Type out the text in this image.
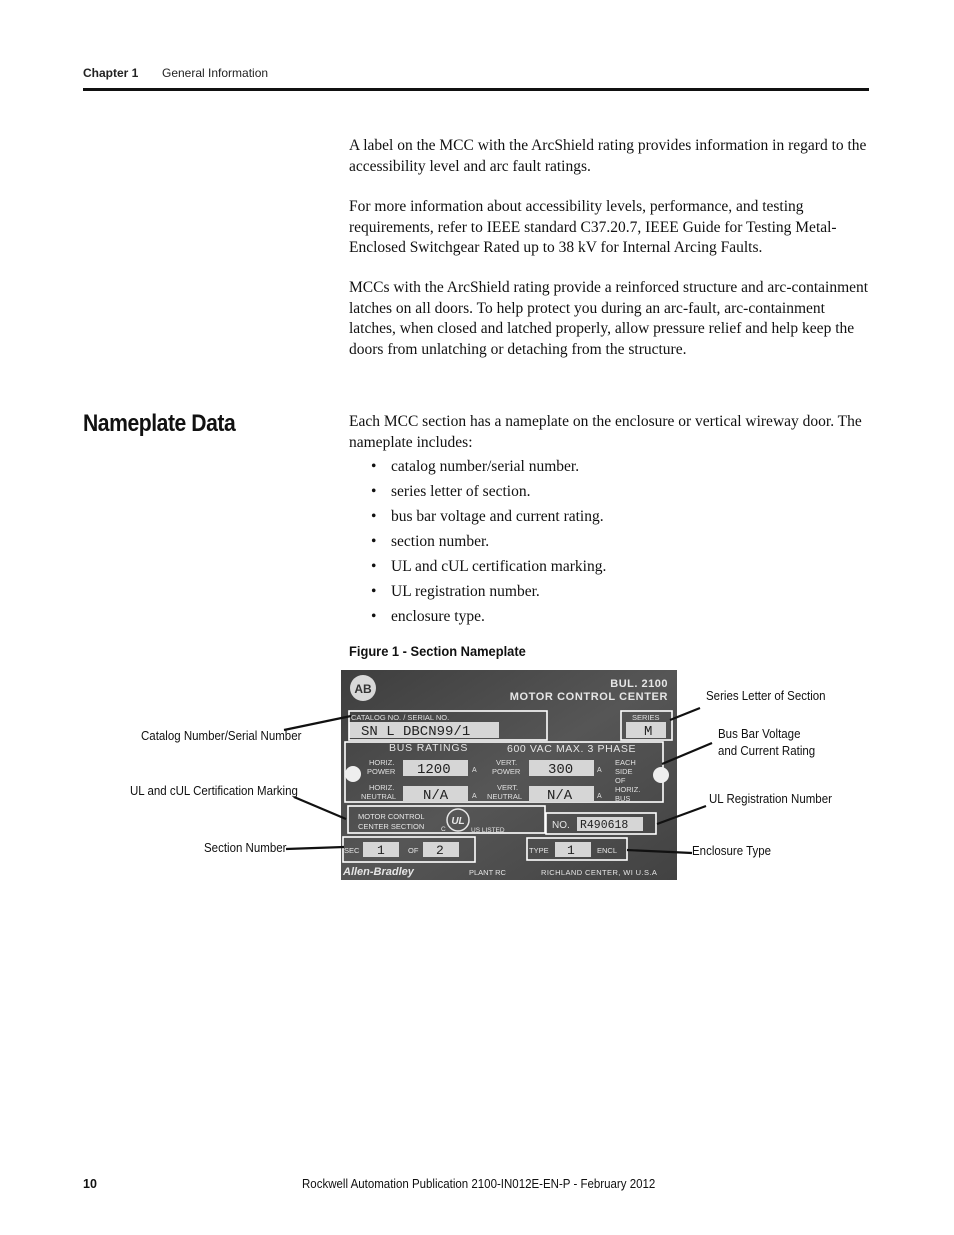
Chapter 1 General Information

A label on the MCC with the ArcShield rating provides information in regard to the accessibility level and arc fault ratings.

For more information about accessibility levels, performance, and testing requirements, refer to IEEE standard C37.20.7, IEEE Guide for Testing Metal-Enclosed Switchgear Rated up to 38 kV for Internal Arcing Faults.

MCCs with the ArcShield rating provide a reinforced structure and arc-containment latches on all doors. To help protect you during an arc-fault, arc-containment latches, when closed and latched properly, allow pressure relief and help keep the doors from unlatching or detaching from the structure.

Nameplate Data	Each MCC section has a nameplate on the enclosure or vertical wireway door. The nameplate includes:

• catalog number/serial number.
• series letter of section.
• bus bar voltage and current rating.
• section number.
• UL and cUL certification marking.
• UL registration number.
• enclosure type.
Figure 1 - Section Nameplate
AB	BUL. 2100
MOTOR CONTROL CENTER
CATALOG NO. / SERIAL NO.
SN L DBCN99/1
SERIES
M
BUS RATINGS	600 VAC MAX. 3 PHASE
HORIZ.
POWER 1200	A
VERT.
POWER 300	A
EACH
SIDE
OF
HORIZ.
BUS
HORIZ.
NEUTRAL N/A	A
VERT.
NEUTRAL N/A	A
MOTOR CONTROL
CENTER SECTION	UL
C	US LISTED	NO. R490618
SEC 1	OF 2	TYPE 1	ENCL
Allen-Bradley	PLANT RC	RICHLAND CENTER, WI U.S.A
Catalog Number/Serial Number
UL and cUL Certification Marking
Section Number
Series Letter of Section
Bus Bar Voltage
and Current Rating
UL Registration Number
Enclosure Type
10	Rockwell Automation Publication 2100-IN012E-EN-P - February 2012
